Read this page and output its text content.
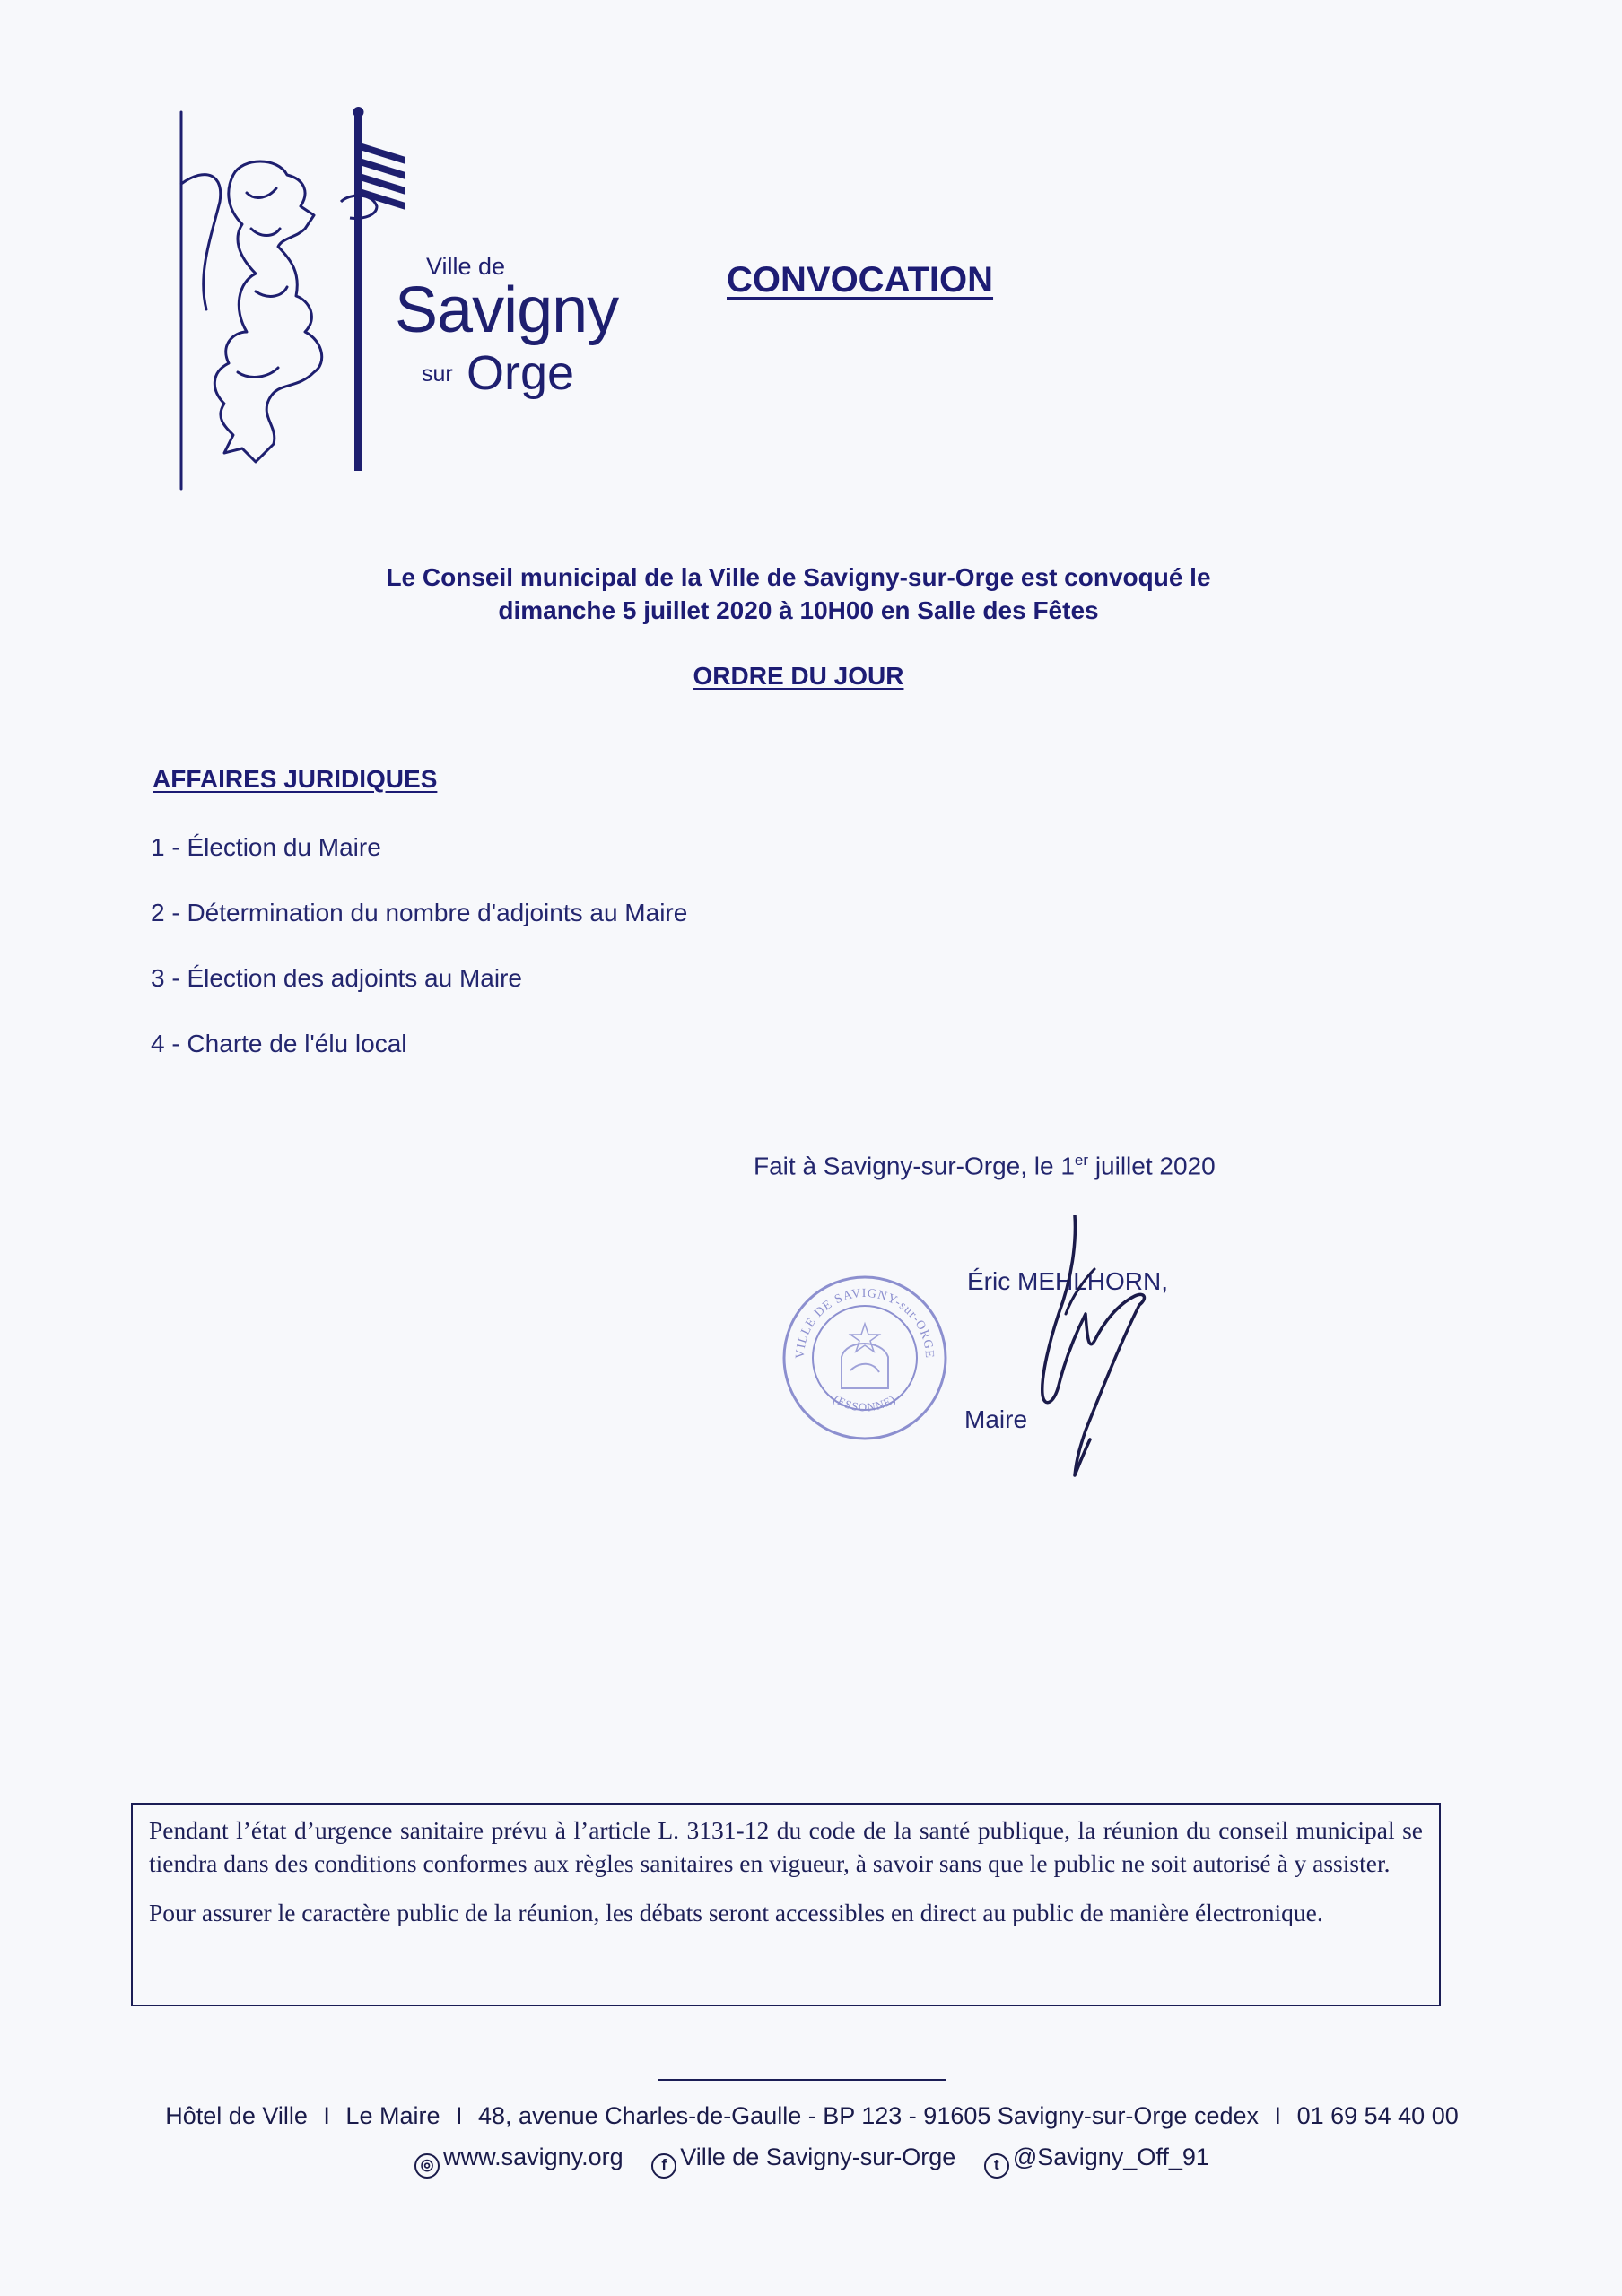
Ville de
Savigny
sur Orge
CONVOCATION
Le Conseil municipal de la Ville de Savigny-sur-Orge est convoqué le
dimanche 5 juillet 2020 à 10H00 en Salle des Fêtes
ORDRE DU JOUR
AFFAIRES JURIDIQUES
1 - Élection du Maire
2 - Détermination du nombre d'adjoints au Maire
3 - Élection des adjoints au Maire
4 - Charte de l'élu local
Fait à Savigny-sur-Orge, le 1er juillet 2020
VILLE DE SAVIGNY-sur-ORGE
(ESSONNE)
Éric MEHLHORN,
Maire

Pendant l’état d’urgence sanitaire prévu à l’article L. 3131-12 du code de la santé publique, la réunion du conseil municipal se tiendra dans des conditions conformes aux règles sanitaires en vigueur, à savoir sans que le public ne soit autorisé à y assister.

Pour assurer le caractère public de la réunion, les débats seront accessibles en direct au public de manière électronique.

Hôtel de Ville I Le Maire I 48, avenue Charles-de-Gaulle - BP 123 - 91605 Savigny-sur-Orge cedex I 01 69 54 40 00
◎ www.savigny.org	f Ville de Savigny-sur-Orge	t @Savigny_Off_91
